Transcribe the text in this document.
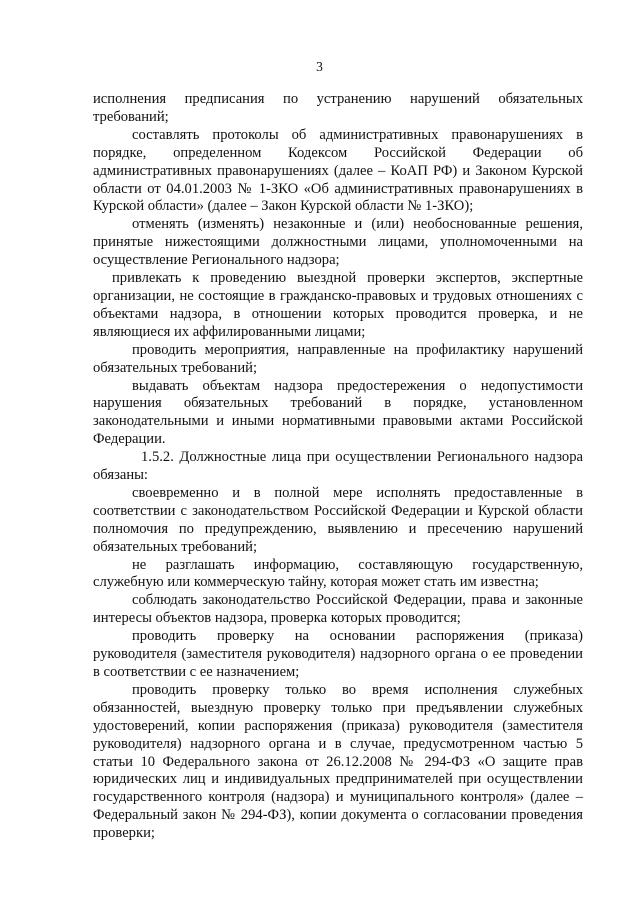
3

исполнения предписания по устранению нарушений обязательных требований;

составлять протоколы об административных правонарушениях в порядке, определенном Кодексом Российской Федерации об административных правонарушениях (далее – КоАП РФ) и Законом Курской области от 04.01.2003 № 1-ЗКО «Об административных правонарушениях в Курской области» (далее – Закон Курской области № 1-ЗКО);

отменять (изменять) незаконные и (или) необоснованные решения, принятые нижестоящими должностными лицами, уполномоченными на осуществление Регионального надзора;

привлекать к проведению выездной проверки экспертов, экспертные организации, не состоящие в гражданско-правовых и трудовых отношениях с объектами надзора, в отношении которых проводится проверка, и не являющиеся их аффилированными лицами;

проводить мероприятия, направленные на профилактику нарушений обязательных требований;

выдавать объектам надзора предостережения о недопустимости нарушения обязательных требований в порядке, установленном законодательными и иными нормативными правовыми актами Российской Федерации.

1.5.2. Должностные лица при осуществлении Регионального надзора обязаны:

своевременно и в полной мере исполнять предоставленные в соответствии с законодательством Российской Федерации и Курской области полномочия по предупреждению, выявлению и пресечению нарушений обязательных требований;

не разглашать информацию, составляющую государственную, служебную или коммерческую тайну, которая может стать им известна;

соблюдать законодательство Российской Федерации, права и законные интересы объектов надзора, проверка которых проводится;

проводить проверку на основании распоряжения (приказа) руководителя (заместителя руководителя) надзорного органа о ее проведении в соответствии с ее назначением;

проводить проверку только во время исполнения служебных обязанностей, выездную проверку только при предъявлении служебных удостоверений, копии распоряжения (приказа) руководителя (заместителя руководителя) надзорного органа и в случае, предусмотренном частью 5 статьи 10 Федерального закона от 26.12.2008 № 294-ФЗ «О защите прав юридических лиц и индивидуальных предпринимателей при осуществлении государственного контроля (надзора) и муниципального контроля» (далее – Федеральный закон № 294-ФЗ), копии документа о согласовании проведения проверки;
